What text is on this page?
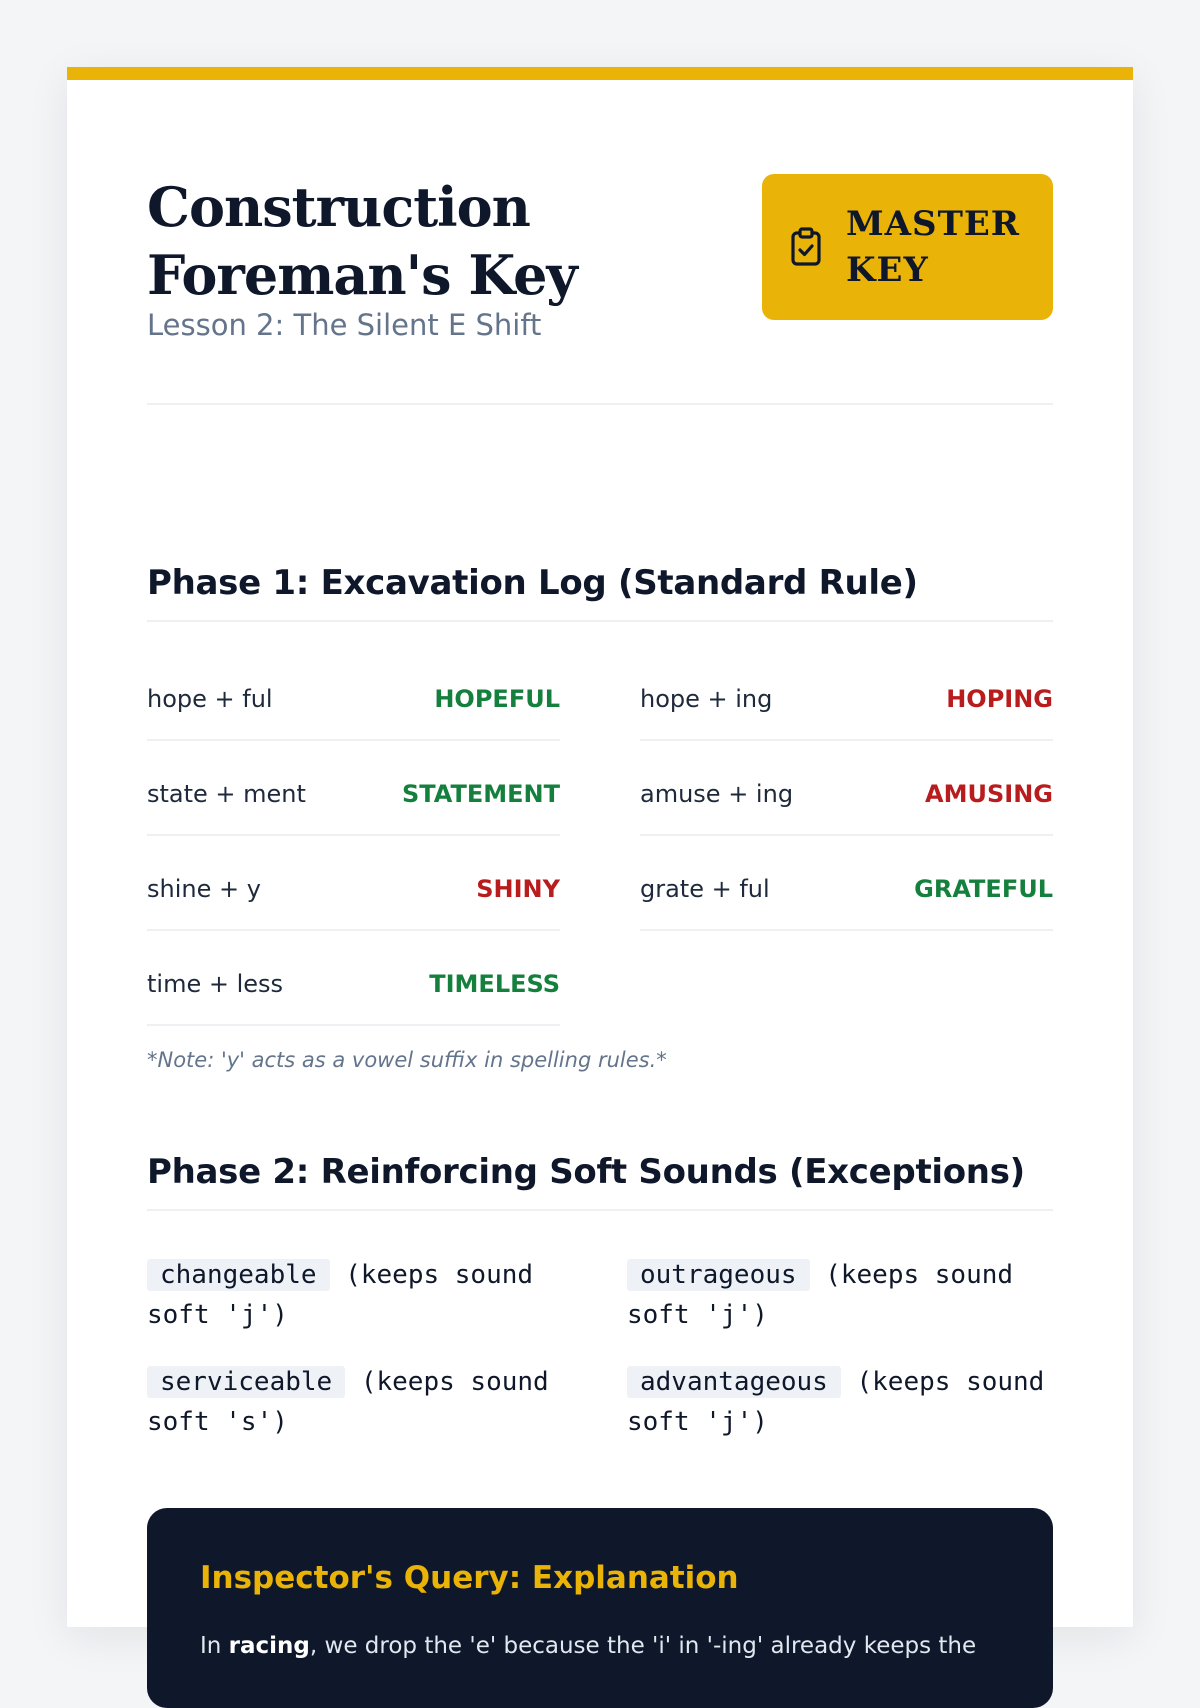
Construction
Foreman's Key

Lesson 2: The Silent E Shift

MASTER
KEY
Phase 1: Excavation Log (Standard Rule)
hope + ful	HOPEFUL	hope + ing	HOPING
state + ment	STATEMENT	amuse + ing	AMUSING
shine + y	SHINY	grate + ful	GRATEFUL
time + less	TIMELESS

*Note: 'y' acts as a vowel suffix in spelling rules.*

Phase 2: Reinforcing Soft Sounds (Exceptions)
changeable (keeps sound soft 'j')
outrageous (keeps sound soft 'j')
serviceable (keeps sound soft 's')
advantageous (keeps sound soft 'j')
Inspector's Query: Explanation

In racing, we drop the 'e' because the 'i' in '-ing' already keeps the
